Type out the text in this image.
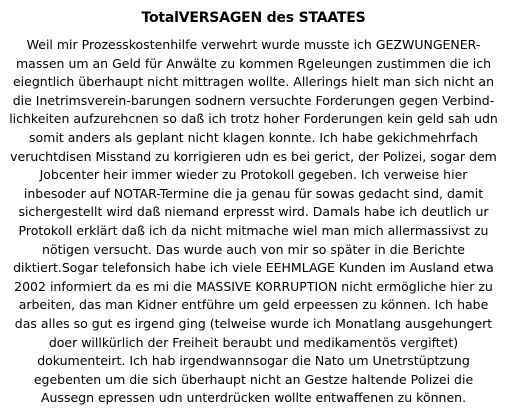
TotalVERSAGEN des STAATES
Weil mir Prozesskostenhilfe verwehrt wurde musste ich GEZWUNGENER-
massen um an Geld für Anwälte zu kommen Rgeleungen zustimmen die ich
eiegntlich überhaupt nicht mittragen wollte. Allerings hielt man sich nicht an
die Inetrimsverein-barungen sodnern versuchte Forderungen gegen Verbind-
lichkeiten aufzurehcnen so daß ich trotz hoher Forderungen kein geld sah udn
somit anders als geplant nicht klagen konnte. Ich habe gekichmehrfach
veruchtdisen Misstand zu korrigieren udn es bei gerict, der Polizei, sogar dem
Jobcenter heir immer wieder zu Protokoll gegeben. Ich verweise hier
inbesoder auf NOTAR-Termine die ja genau für sowas gedacht sind, damit
sichergestellt wird daß niemand erpresst wird. Damals habe ich deutlich ur
Protokoll erklärt daß ich da nicht mitmache wiel man mich allermassivst zu
nötigen versucht. Das wurde auch von mir so später in die Berichte
diktiert.Sogar telefonsich habe ich viele EEHMLAGE Kunden im Ausland etwa
2002 informiert da es mi die MASSIVE KORRUPTION nicht ermögliche hier zu
arbeiten, das man Kidner entführe um geld erpeessen zu können. Ich habe
das alles so gut es irgend ging (telweise wurde ich Monatlang ausgehungert
doer willkürlich der Freiheit beraubt und medikamentös vergiftet)
dokumenteirt. Ich hab irgendwannsogar die Nato um Unetrstüptzung
egebenten um die sich überhaupt nicht an Gestze haltende Polizei die
Aussegn epressen udn unterdrücken wollte entwaffenen zu können.
